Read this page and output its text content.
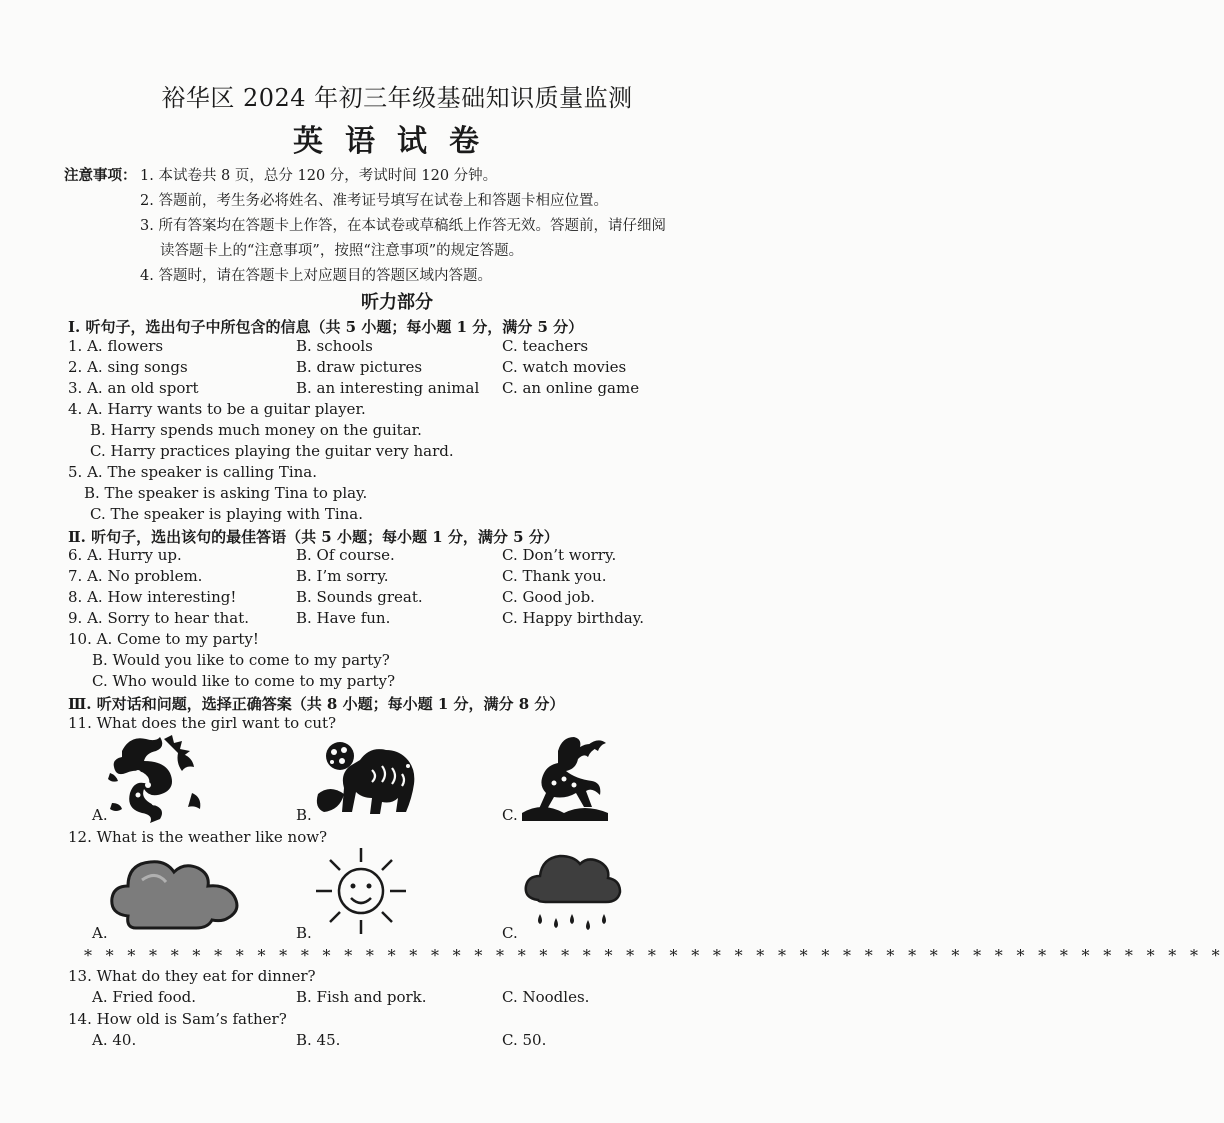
裕华区 2024 年初三年级基础知识质量监测
英语试卷
注意事项： 1. 本试卷共 8 页，总分 120 分，考试时间 120 分钟。
2. 答题前，考生务必将姓名、准考证号填写在试卷上和答题卡相应位置。
3. 所有答案均在答题卡上作答，在本试卷或草稿纸上作答无效。答题前，请仔细阅
读答题卡上的“注意事项”，按照“注意事项”的规定答题。
4. 答题时，请在答题卡上对应题目的答题区域内答题。
听力部分
Ⅰ. 听句子，选出句子中所包含的信息（共 5 小题；每小题 1 分，满分 5 分）
1. A. flowers	B. schools	C. teachers
2. A. sing songs	B. draw pictures	C. watch movies
3. A. an old sport	B. an interesting animal C. an online game
4. A. Harry wants to be a guitar player.
B. Harry spends much money on the guitar.
C. Harry practices playing the guitar very hard.
5. A. The speaker is calling Tina.
B. The speaker is asking Tina to play.
C. The speaker is playing with Tina.
Ⅱ. 听句子，选出该句的最佳答语（共 5 小题；每小题 1 分，满分 5 分）
6. A. Hurry up.	B. Of course.	C. Don’t worry.
7. A. No problem.	B. I’m sorry.	C. Thank you.
8. A. How interesting!	B. Sounds great.	C. Good job.
9. A. Sorry to hear that.	B. Have fun.	C. Happy birthday.
10. A. Come to my party!
B. Would you like to come to my party?
C. Who would like to come to my party?
Ⅲ. 听对话和问题，选择正确答案（共 8 小题；每小题 1 分，满分 8 分）
11. What does the girl want to cut?
A.	B.	C.
12. What is the weather like now?
A.	B.	C.
* * * * * * * * * * * * * * * * * * * * * * * * * * * * * * * * * * * * * * * * * * * * * * * * * * * * *
13. What do they eat for dinner?
A. Fried food.	B. Fish and pork.	C. Noodles.
14. How old is Sam’s father?
A. 40.	B. 45.	C. 50.
